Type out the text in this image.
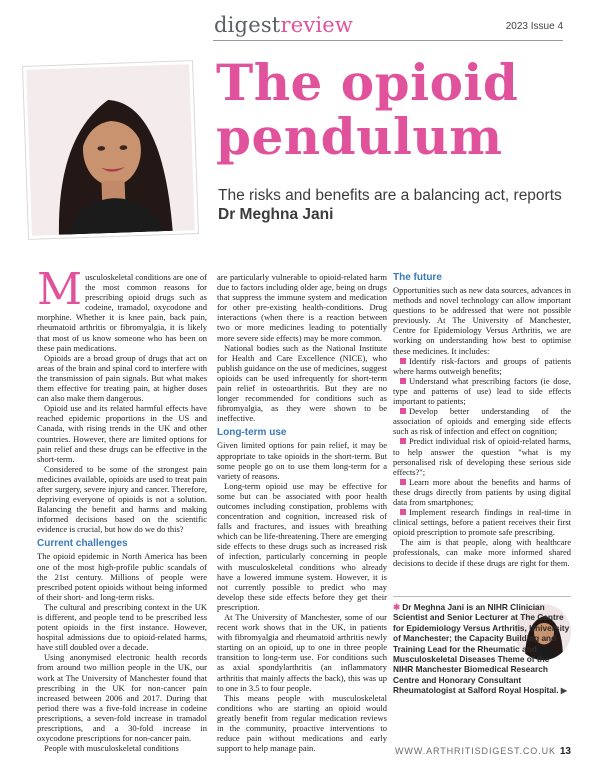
digestreview	2023 Issue 4
The opioid pendulum
The risks and benefits are a balancing act, reports Dr Meghna Jani

Musculoskeletal conditions are one of the most common reasons for prescribing opioid drugs such as codeine, tramadol, oxycodone and morphine. Whether it is knee pain, back pain, rheumatoid arthritis or fibromyalgia, it is likely that most of us know someone who has been on these pain medications.

Opioids are a broad group of drugs that act on areas of the brain and spinal cord to interfere with the transmission of pain signals. But what makes them effective for treating pain, at higher doses can also make them dangerous.

Opioid use and its related harmful effects have reached epidemic proportions in the US and Canada, with rising trends in the UK and other countries. However, there are limited options for pain relief and these drugs can be effective in the short-term.

Considered to be some of the strongest pain medicines available, opioids are used to treat pain after surgery, severe injury and cancer. Therefore, depriving everyone of opioids is not a solution. Balancing the benefit and harms and making informed decisions based on the scientific evidence is crucial, but how do we do this?

Current challenges

The opioid epidemic in North America has been one of the most high-profile public scandals of the 21st century. Millions of people were prescribed potent opioids without being informed of their short- and long-term risks.

The cultural and prescribing context in the UK is different, and people tend to be prescribed less potent opioids in the first instance. However, hospital admissions due to opioid-related harms, have still doubled over a decade.

Using anonymised electronic health records from around two million people in the UK, our work at The University of Manchester found that prescribing in the UK for non-cancer pain increased between 2006 and 2017. During that period there was a five-fold increase in codeine prescriptions, a seven-fold increase in tramadol prescriptions, and a 30-fold increase in oxycodone prescriptions for non-cancer pain.

People with musculoskeletal conditions

are particularly vulnerable to opioid-related harm due to factors including older age, being on drugs that suppress the immune system and medication for other pre-existing health-conditions. Drug interactions (when there is a reaction between two or more medicines leading to potentially more severe side effects) may be more common.

National bodies such as the National Institute for Health and Care Excellence (NICE), who publish guidance on the use of medicines, suggest opioids can be used infrequently for short-term pain relief in osteoarthritis. But they are no longer recommended for conditions such as fibromyalgia, as they were shown to be ineffective.

Long-term use

Given limited options for pain relief, it may be appropriate to take opioids in the short-term. But some people go on to use them long-term for a variety of reasons.

Long-term opioid use may be effective for some but can be associated with poor health outcomes including constipation, problems with concentration and cognition, increased risk of falls and fractures, and issues with breathing which can be life-threatening. There are emerging side effects to these drugs such as increased risk of infection, particularly concerning in people with musculoskeletal conditions who already have a lowered immune system. However, it is not currently possible to predict who may develop these side effects before they get their prescription.

At The University of Manchester, some of our recent work shows that in the UK, in patients with fibromyalgia and rheumatoid arthritis newly starting on an opioid, up to one in three people transition to long-term use. For conditions such as axial spondylarthritis (an inflammatory arthritis that mainly affects the back), this was up to one in 3.5 to four people.

This means people with musculoskeletal conditions who are starting an opioid would greatly benefit from regular medication reviews in the community, proactive interventions to reduce pain without medications and early support to help manage pain.

The future

Opportunities such as new data sources, advances in methods and novel technology can allow important questions to be addressed that were not possible previously. At The University of Manchester, Centre for Epidemiology Versus Arthritis, we are working on understanding how best to optimise these medicines. It includes:

Identify risk-factors and groups of patients where harms outweigh benefits;

Understand what prescribing factors (ie dose, type and patterns of use) lead to side effects important to patients;

Develop better understanding of the association of opioids and emerging side effects such as risk of infection and effect on cognition;

Predict individual risk of opioid-related harms, to help answer the question "what is my personalised risk of developing these serious side effects?";

Learn more about the benefits and harms of these drugs directly from patients by using digital data from smartphones;

Implement research findings in real-time in clinical settings, before a patient receives their first opioid prescription to promote safe prescribing.

The aim is that people, along with healthcare professionals, can make more informed shared decisions to decide if these drugs are right for them.

✱ Dr Meghna Jani is an NIHR Clinician Scientist and Senior Lecturer at The Centre for Epidemiology Versus Arthritis, University of Manchester; the Capacity Building and Training Lead for the Rheumatic and Musculoskeletal Diseases Theme of the NIHR Manchester Biomedical Research Centre and Honorary Consultant Rheumatologist at Salford Royal Hospital. ▶
WWW.ARTHRITISDIGEST.CO.UK 13
